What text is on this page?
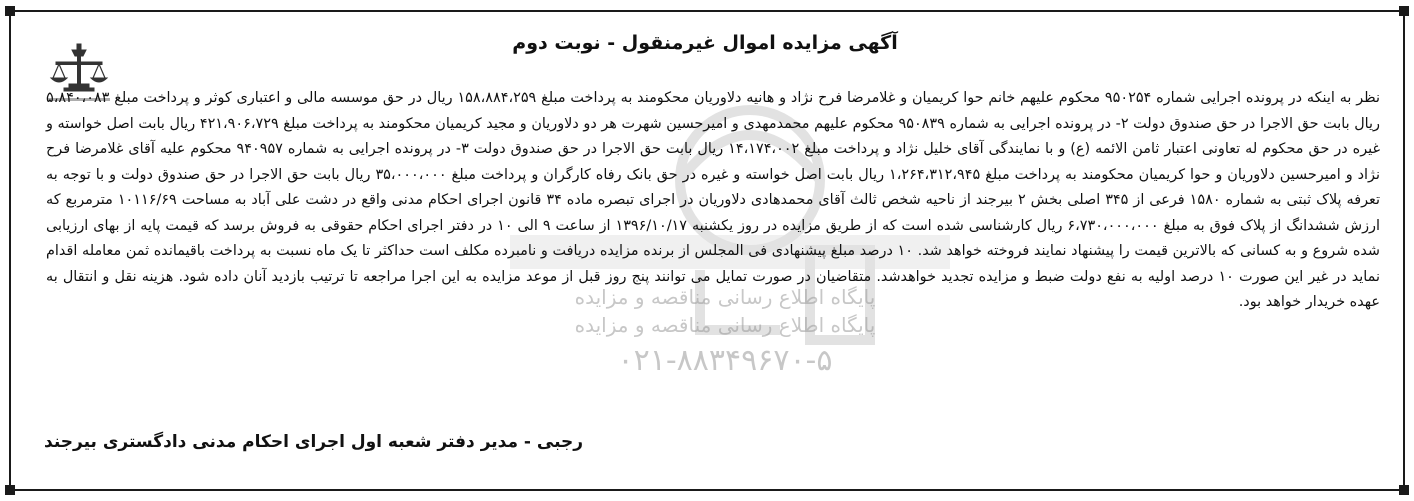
پایگاه اطلاع رسانی مناقصه و مزایده
پایگاه اطلاع رسانی مناقصه و مزایده
۰۲۱-۸۸۳۴۹۶۷۰-۵
آگهی مزایده اموال غیرمنقول - نوبت دوم
نظر به اینکه در پرونده اجرایی شماره ۹۵۰۲۵۴ محکوم علیهم خانم حوا کریمیان و غلامرضا فرح نژاد و هانیه دلاوریان محکومند به پرداخت مبلغ ۱۵۸،۸۸۴،۲۵۹ ریال در حق موسسه مالی و اعتباری کوثر و پرداخت مبلغ ۵،۸۴۰،۰۸۳ ریال بابت حق الاجرا در حق صندوق دولت ۲- در پرونده اجرایی به شماره ۹۵۰۸۳۹ محکوم علیهم محمدمهدی و امیرحسین شهرت هر دو دلاوریان و مجید کریمیان محکومند به پرداخت مبلغ ۴۲۱،۹۰۶،۷۲۹ ریال بابت اصل خواسته و غیره در حق محکوم له تعاونی اعتبار ثامن الائمه (ع) و با نمایندگی آقای خلیل نژاد و پرداخت مبلغ ۱۴،۱۷۴،۰۰۲ ریال بابت حق الاجرا در حق صندوق دولت ۳- در پرونده اجرایی به شماره ۹۴۰۹۵۷ محکوم علیه آقای غلامرضا فرح نژاد و امیرحسین دلاوریان و حوا کریمیان محکومند به پرداخت مبلغ ۱،۲۶۴،۳۱۲،۹۴۵ ریال بابت اصل خواسته و غیره در حق بانک رفاه کارگران و پرداخت مبلغ ۳۵،۰۰۰،۰۰۰ ریال بابت حق الاجرا در حق صندوق دولت و با توجه به تعرفه پلاک ثبتی به شماره ۱۵۸۰ فرعی از ۳۴۵ اصلی بخش ۲ بیرجند از ناحیه شخص ثالث آقای محمدهادی دلاوریان در اجرای تبصره ماده ۳۴ قانون اجرای احکام مدنی واقع در دشت علی آباد به مساحت ۱۰۱۱۶/۶۹ مترمربع که ارزش ششدانگ از پلاک فوق به مبلغ ۶،۷۳۰،۰۰۰،۰۰۰ ریال کارشناسی شده است که از طریق مزایده در روز یکشنبه ۱۳۹۶/۱۰/۱۷ از ساعت ۹ الی ۱۰ در دفتر اجرای احکام حقوقی به فروش برسد که قیمت پایه از بهای ارزیابی شده شروع و به کسانی که بالاترین قیمت را پیشنهاد نمایند فروخته خواهد شد. ۱۰ درصد مبلغ پیشنهادی فی المجلس از برنده مزایده دریافت و نامبرده مکلف است حداکثر تا یک ماه نسبت به پرداخت باقیمانده ثمن معامله اقدام نماید در غیر این صورت ۱۰ درصد اولیه به نفع دولت ضبط و مزایده تجدید خواهدشد. متقاضیان در صورت تمایل می توانند پنج روز قبل از موعد مزایده به این اجرا مراجعه تا ترتیب بازدید آنان داده شود. هزینه نقل و انتقال به عهده خریدار خواهد بود.
رجبی - مدیر دفتر شعبه اول اجرای احکام مدنی دادگستری بیرجند
